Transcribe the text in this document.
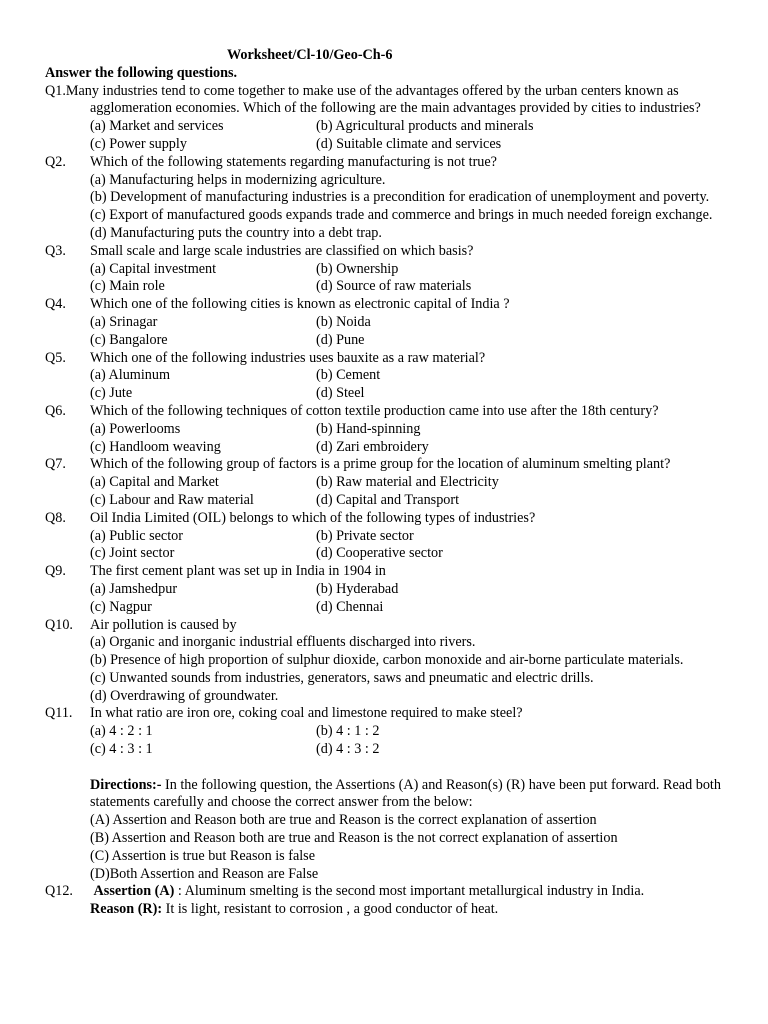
Worksheet/Cl-10/Geo-Ch-6

Answer the following questions.

Q1.Many industries tend to come together to make use of the advantages offered by the urban centers known as agglomeration economies. Which of the following are the main advantages provided by cities to industries?
(a) Market and services	(b) Agricultural products and minerals
(c) Power supply	(d) Suitable climate and services
Q2.	Which of the following statements regarding manufacturing is not true?
(a) Manufacturing helps in modernizing agriculture.
(b) Development of manufacturing industries is a precondition for eradication of unemployment and poverty.
(c) Export of manufactured goods expands trade and commerce and brings in much needed foreign exchange.
(d) Manufacturing puts the country into a debt trap.
Q3.	Small scale and large scale industries are classified on which basis?
(a) Capital investment	(b) Ownership
(c) Main role	(d) Source of raw materials
Q4.	Which one of the following cities is known as electronic capital of India ?
(a) Srinagar	(b) Noida
(c) Bangalore	(d) Pune
Q5.	Which one of the following industries uses bauxite as a raw material?
(a) Aluminum	(b) Cement
(c) Jute	(d) Steel
Q6.	Which of the following techniques of cotton textile production came into use after the 18th century?
(a) Powerlooms	(b) Hand-spinning
(c) Handloom weaving	(d) Zari embroidery
Q7.	Which of the following group of factors is a prime group for the location of aluminum smelting plant?
(a) Capital and Market	(b) Raw material and Electricity
(c) Labour and Raw material	(d) Capital and Transport
Q8.	Oil India Limited (OIL) belongs to which of the following types of industries?
(a) Public sector	(b) Private sector
(c) Joint sector	(d) Cooperative sector
Q9.	The first cement plant was set up in India in 1904 in
(a) Jamshedpur	(b) Hyderabad
(c) Nagpur	(d) Chennai
Q10.	Air pollution is caused by
(a) Organic and inorganic industrial effluents discharged into rivers.
(b) Presence of high proportion of sulphur dioxide, carbon monoxide and air-borne particulate materials.
(c) Unwanted sounds from industries, generators, saws and pneumatic and electric drills.
(d) Overdrawing of groundwater.
Q11.	In what ratio are iron ore, coking coal and limestone required to make steel?
(a) 4 : 2 : 1	(b) 4 : 1 : 2
(c) 4 : 3 : 1	(d) 4 : 3 : 2
Directions:- In the following question, the Assertions (A) and Reason(s) (R) have been put forward. Read both statements carefully and choose the correct answer from the below:
(A) Assertion and Reason both are true and Reason is the correct explanation of assertion
(B) Assertion and Reason both are true and Reason is the not correct explanation of assertion
(C) Assertion is true but Reason is false
(D)Both Assertion and Reason are False
Q12.	Assertion (A) : Aluminum smelting is the second most important metallurgical industry in India.
Reason (R): It is light, resistant to corrosion , a good conductor of heat.
